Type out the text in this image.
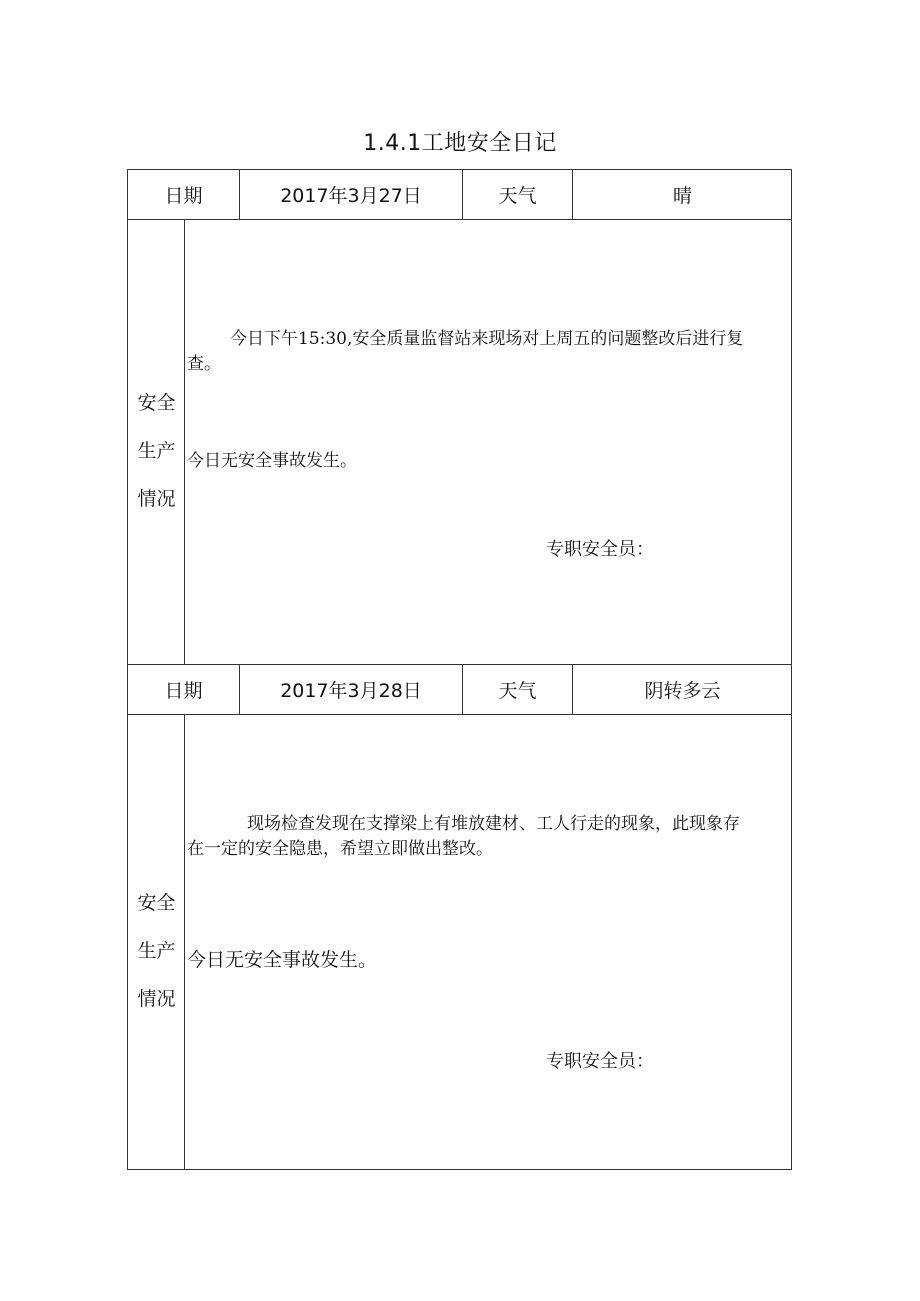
1.4.1工地安全日记
日期	2017年3月27日	天气	晴
安全
生产
情况
今日下午15:30,安全质量监督站来现场对上周五的问题整改后进行复
查。
今日无安全事故发生。
专职安全员：
日期	2017年3月28日	天气	阴转多云
安全
生产
情况
现场检查发现在支撑梁上有堆放建材、工人行走的现象，此现象存
在一定的安全隐患，希望立即做出整改。
今日无安全事故发生。
专职安全员：
